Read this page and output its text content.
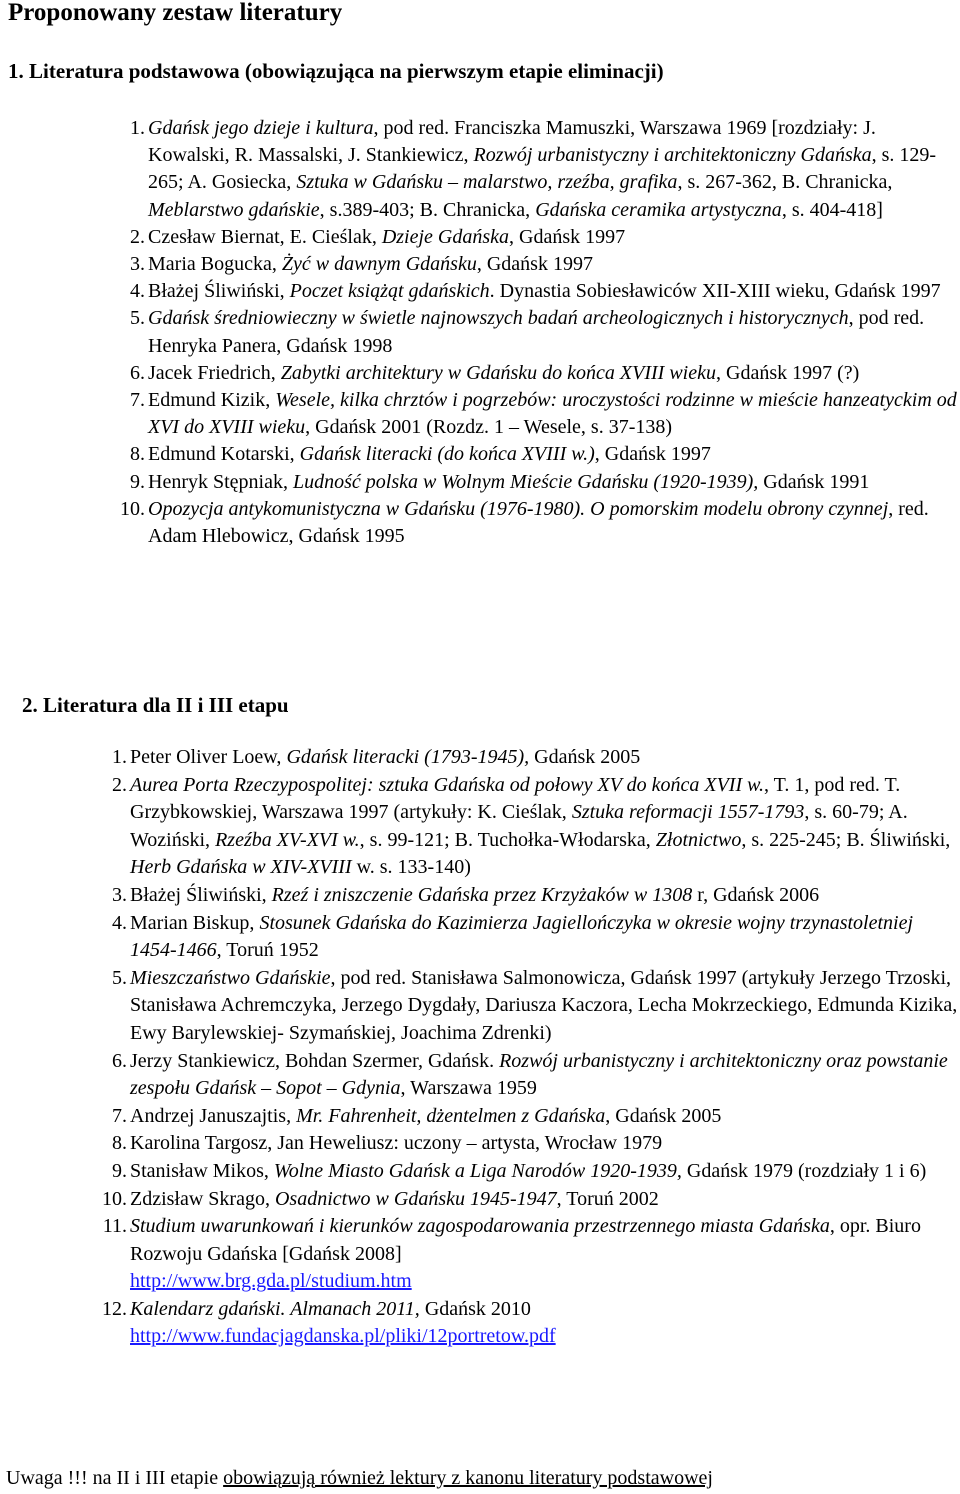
Proponowany zestaw literatury
1. Literatura podstawowa (obowiązująca na pierwszym etapie eliminacji)
1. Gdańsk jego dzieje i kultura, pod red. Franciszka Mamuszki, Warszawa 1969 [rozdziały: J. Kowalski, R. Massalski, J. Stankiewicz, Rozwój urbanistyczny i architektoniczny Gdańska, s. 129-265; A. Gosiecka, Sztuka w Gdańsku – malarstwo, rzeźba, grafika, s. 267-362, B. Chranicka, Meblarstwo gdańskie, s.389-403; B. Chranicka, Gdańska ceramika artystyczna, s. 404-418]
2. Czesław Biernat, E. Cieślak, Dzieje Gdańska, Gdańsk 1997
3. Maria Bogucka, Żyć w dawnym Gdańsku, Gdańsk 1997
4. Błażej Śliwiński, Poczet książąt gdańskich. Dynastia Sobiesławiców XII-XIII wieku, Gdańsk 1997
5. Gdańsk średniowieczny w świetle najnowszych badań archeologicznych i historycznych, pod red. Henryka Panera, Gdańsk 1998
6. Jacek Friedrich, Zabytki architektury w Gdańsku do końca XVIII wieku, Gdańsk 1997 (?)
7. Edmund Kizik, Wesele, kilka chrztów i pogrzebów: uroczystości rodzinne w mieście hanzeatyckim od XVI do XVIII wieku, Gdańsk 2001 (Rozdz. 1 – Wesele, s. 37-138)
8. Edmund Kotarski, Gdańsk literacki (do końca XVIII w.), Gdańsk 1997
9. Henryk Stępniak, Ludność polska w Wolnym Mieście Gdańsku (1920-1939), Gdańsk 1991
10. Opozycja antykomunistyczna w Gdańsku (1976-1980). O pomorskim modelu obrony czynnej, red. Adam Hlebowicz, Gdańsk 1995
2. Literatura dla II i III etapu
1. Peter Oliver Loew, Gdańsk literacki (1793-1945), Gdańsk 2005
2. Aurea Porta Rzeczypospolitej: sztuka Gdańska od połowy XV do końca XVII w., T. 1, pod red. T. Grzybkowskiej, Warszawa 1997 (artykuły: K. Cieślak, Sztuka reformacji 1557-1793, s. 60-79; A. Woziński, Rzeźba XV-XVI w., s. 99-121; B. Tuchołka-Włodarska, Złotnictwo, s. 225-245; B. Śliwiński, Herb Gdańska w XIV-XVIII w. s. 133-140)
3. Błażej Śliwiński, Rzeź i zniszczenie Gdańska przez Krzyżaków w 1308 r, Gdańsk 2006
4. Marian Biskup, Stosunek Gdańska do Kazimierza Jagiellończyka w okresie wojny trzynastoletniej 1454-1466, Toruń 1952
5. Mieszczaństwo Gdańskie, pod red. Stanisława Salmonowicza, Gdańsk 1997 (artykuły Jerzego Trzoski, Stanisława Achremczyka, Jerzego Dygdały, Dariusza Kaczora, Lecha Mokrzeckiego, Edmunda Kizika, Ewy Barylewskiej- Szymańskiej, Joachima Zdrenki)
6. Jerzy Stankiewicz, Bohdan Szermer, Gdańsk. Rozwój urbanistyczny i architektoniczny oraz powstanie zespołu Gdańsk – Sopot – Gdynia, Warszawa 1959
7. Andrzej Januszajtis, Mr. Fahrenheit, dżentelmen z Gdańska, Gdańsk 2005
8. Karolina Targosz, Jan Heweliusz: uczony – artysta, Wrocław 1979
9. Stanisław Mikos, Wolne Miasto Gdańsk a Liga Narodów 1920-1939, Gdańsk 1979 (rozdziały 1 i 6)
10. Zdzisław Skrago, Osadnictwo w Gdańsku 1945-1947, Toruń 2002
11. Studium uwarunkowań i kierunków zagospodarowania przestrzennego miasta Gdańska, opr. Biuro Rozwoju Gdańska [Gdańsk 2008]
http://www.brg.gda.pl/studium.htm
12. Kalendarz gdański. Almanach 2011, Gdańsk 2010
http://www.fundacjagdanska.pl/pliki/12portretow.pdf
Uwaga !!! na II i III etapie obowiązują również lektury z kanonu literatury podstawowej
